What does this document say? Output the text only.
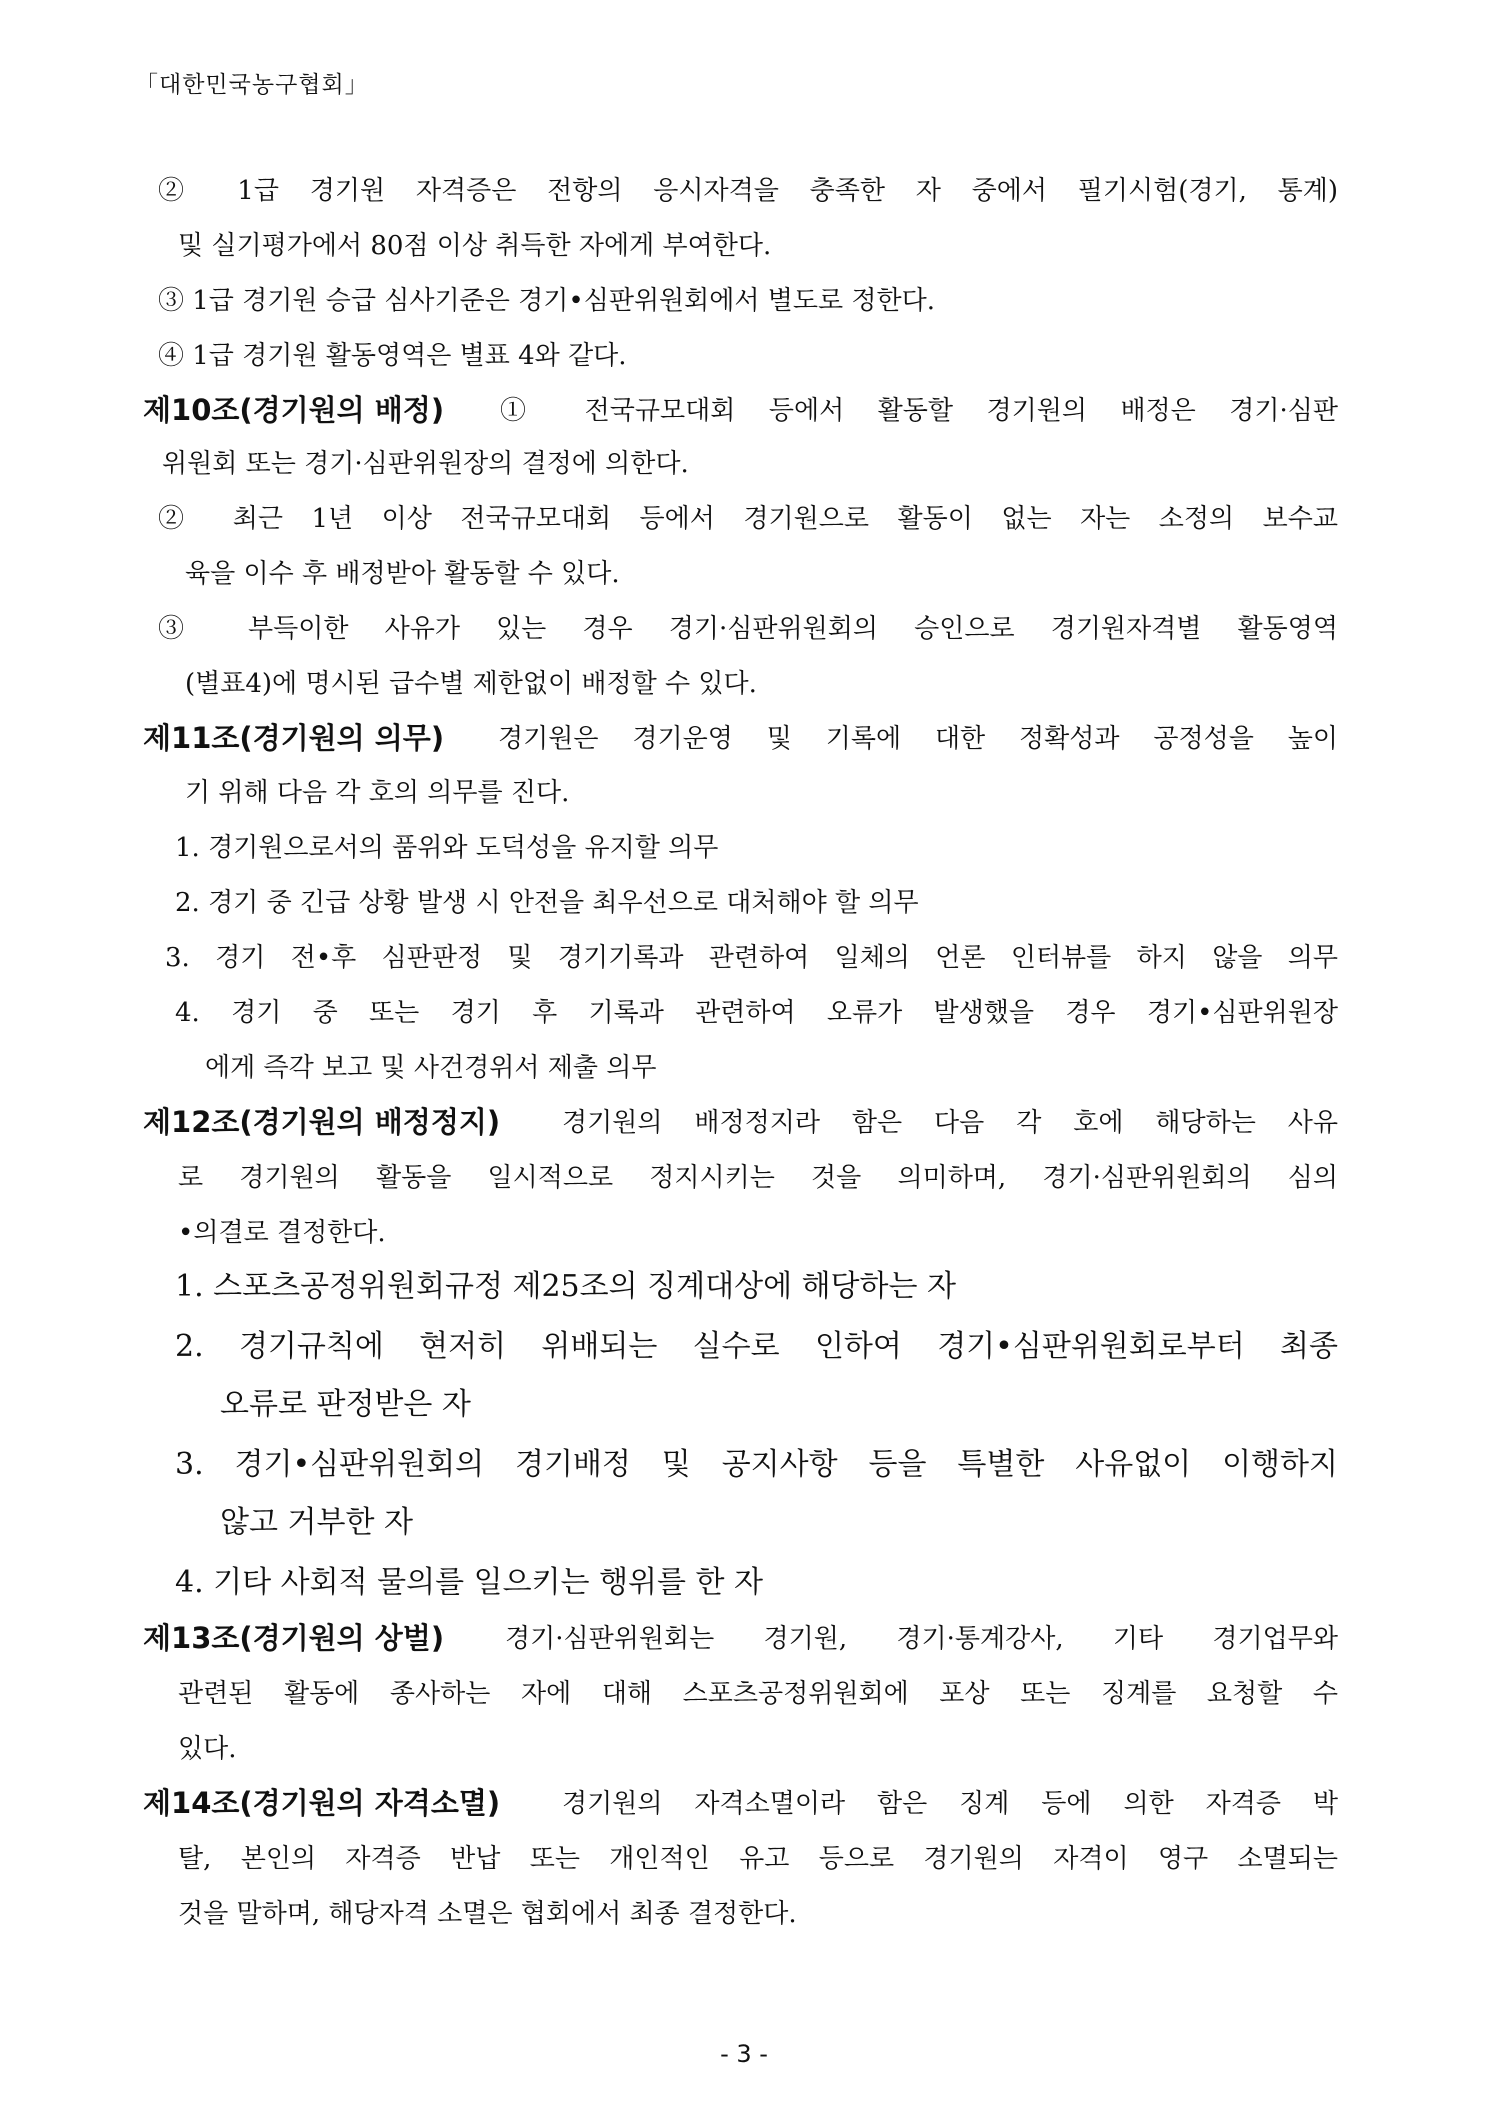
「대한민국농구협회」
② 1급 경기원 자격증은 전항의 응시자격을 충족한 자 중에서 필기시험(경기, 통계)
및 실기평가에서 80점 이상 취득한 자에게 부여한다.
③ 1급 경기원 승급 심사기준은 경기•심판위원회에서 별도로 정한다.
④ 1급 경기원 활동영역은 별표 4와 같다.
제10조(경기원의 배정) ① 전국규모대회 등에서 활동할 경기원의 배정은 경기·심판
위원회 또는 경기·심판위원장의 결정에 의한다.
② 최근 1년 이상 전국규모대회 등에서 경기원으로 활동이 없는 자는 소정의 보수교
육을 이수 후 배정받아 활동할 수 있다.
③ 부득이한 사유가 있는 경우 경기·심판위원회의 승인으로 경기원자격별 활동영역
(별표4)에 명시된 급수별 제한없이 배정할 수 있다.
제11조(경기원의 의무) 경기원은 경기운영 및 기록에 대한 정확성과 공정성을 높이
기 위해 다음 각 호의 의무를 진다.
1. 경기원으로서의 품위와 도덕성을 유지할 의무
2. 경기 중 긴급 상황 발생 시 안전을 최우선으로 대처해야 할 의무
3. 경기 전•후 심판판정 및 경기기록과 관련하여 일체의 언론 인터뷰를 하지 않을 의무
4. 경기 중 또는 경기 후 기록과 관련하여 오류가 발생했을 경우 경기•심판위원장
에게 즉각 보고 및 사건경위서 제출 의무
제12조(경기원의 배정정지) 경기원의 배정정지라 함은 다음 각 호에 해당하는 사유
로 경기원의 활동을 일시적으로 정지시키는 것을 의미하며, 경기·심판위원회의 심의
•의결로 결정한다.
1. 스포츠공정위원회규정 제25조의 징계대상에 해당하는 자
2. 경기규칙에 현저히 위배되는 실수로 인하여 경기•심판위원회로부터 최종
오류로 판정받은 자
3. 경기•심판위원회의 경기배정 및 공지사항 등을 특별한 사유없이 이행하지
않고 거부한 자
4. 기타 사회적 물의를 일으키는 행위를 한 자
제13조(경기원의 상벌) 경기·심판위원회는 경기원, 경기·통계강사, 기타 경기업무와
관련된 활동에 종사하는 자에 대해 스포츠공정위원회에 포상 또는 징계를 요청할 수
있다.
제14조(경기원의 자격소멸) 경기원의 자격소멸이라 함은 징계 등에 의한 자격증 박
탈, 본인의 자격증 반납 또는 개인적인 유고 등으로 경기원의 자격이 영구 소멸되는
것을 말하며, 해당자격 소멸은 협회에서 최종 결정한다.
- 3 -
